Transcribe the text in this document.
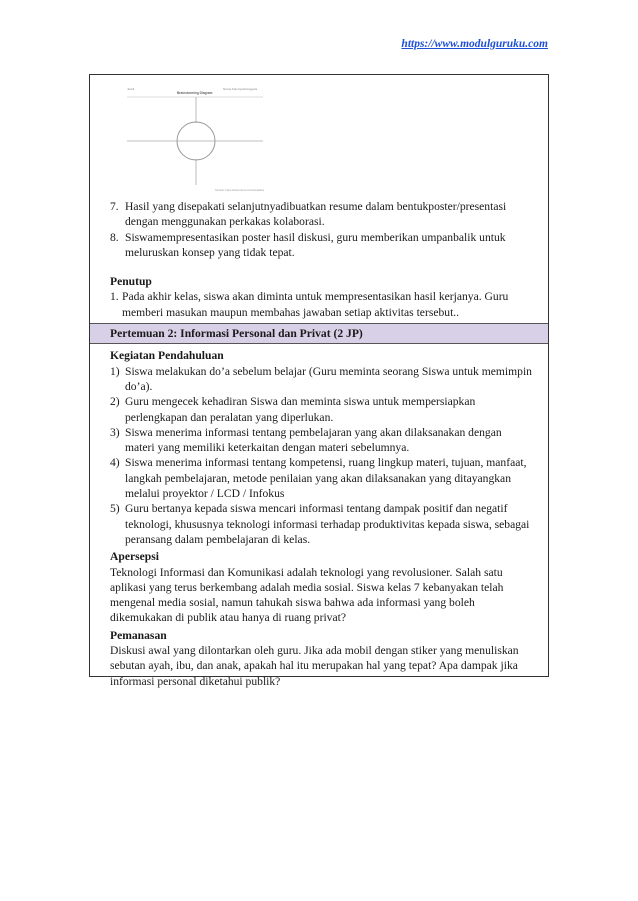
https://www.modulguruku.com
Judul
Brainstorming Diagram
Nama Kelompok/Anggota
Sumber: https://www.canva.com/templates
7. Hasil yang disepakati selanjutnyadibuatkan resume dalam bentukposter/presentasi dengan menggunakan perkakas kolaborasi.
8. Siswamempresentasikan poster hasil diskusi, guru memberikan umpanbalik untuk meluruskan konsep yang tidak tepat.
Penutup
1. Pada akhir kelas, siswa akan diminta untuk mempresentasikan hasil kerjanya. Guru memberi masukan maupun membahas jawaban setiap aktivitas tersebut..
Pertemuan 2: Informasi Personal dan Privat (2 JP)
Kegiatan Pendahuluan
1) Siswa melakukan do’a sebelum belajar (Guru meminta seorang Siswa untuk memimpin do’a).
2) Guru mengecek kehadiran Siswa dan meminta siswa untuk mempersiapkan perlengkapan dan peralatan yang diperlukan.
3) Siswa menerima informasi tentang pembelajaran yang akan dilaksanakan dengan materi yang memiliki keterkaitan dengan materi sebelumnya.
4) Siswa menerima informasi tentang kompetensi, ruang lingkup materi, tujuan, manfaat, langkah pembelajaran, metode penilaian yang akan dilaksanakan yang ditayangkan melalui proyektor / LCD / Infokus
5) Guru bertanya kepada siswa mencari informasi tentang dampak positif dan negatif teknologi, khususnya teknologi informasi terhadap produktivitas kepada siswa, sebagai peransang dalam pembelajaran di kelas.
Apersepsi

Teknologi Informasi dan Komunikasi adalah teknologi yang revolusioner. Salah satu aplikasi yang terus berkembang adalah media sosial. Siswa kelas 7 kebanyakan telah mengenal media sosial, namun tahukah siswa bahwa ada informasi yang boleh dikemukakan di publik atau hanya di ruang privat?

Pemanasan

Diskusi awal yang dilontarkan oleh guru. Jika ada mobil dengan stiker yang menuliskan sebutan ayah, ibu, dan anak, apakah hal itu merupakan hal yang tepat? Apa dampak jika informasi personal diketahui publik?
